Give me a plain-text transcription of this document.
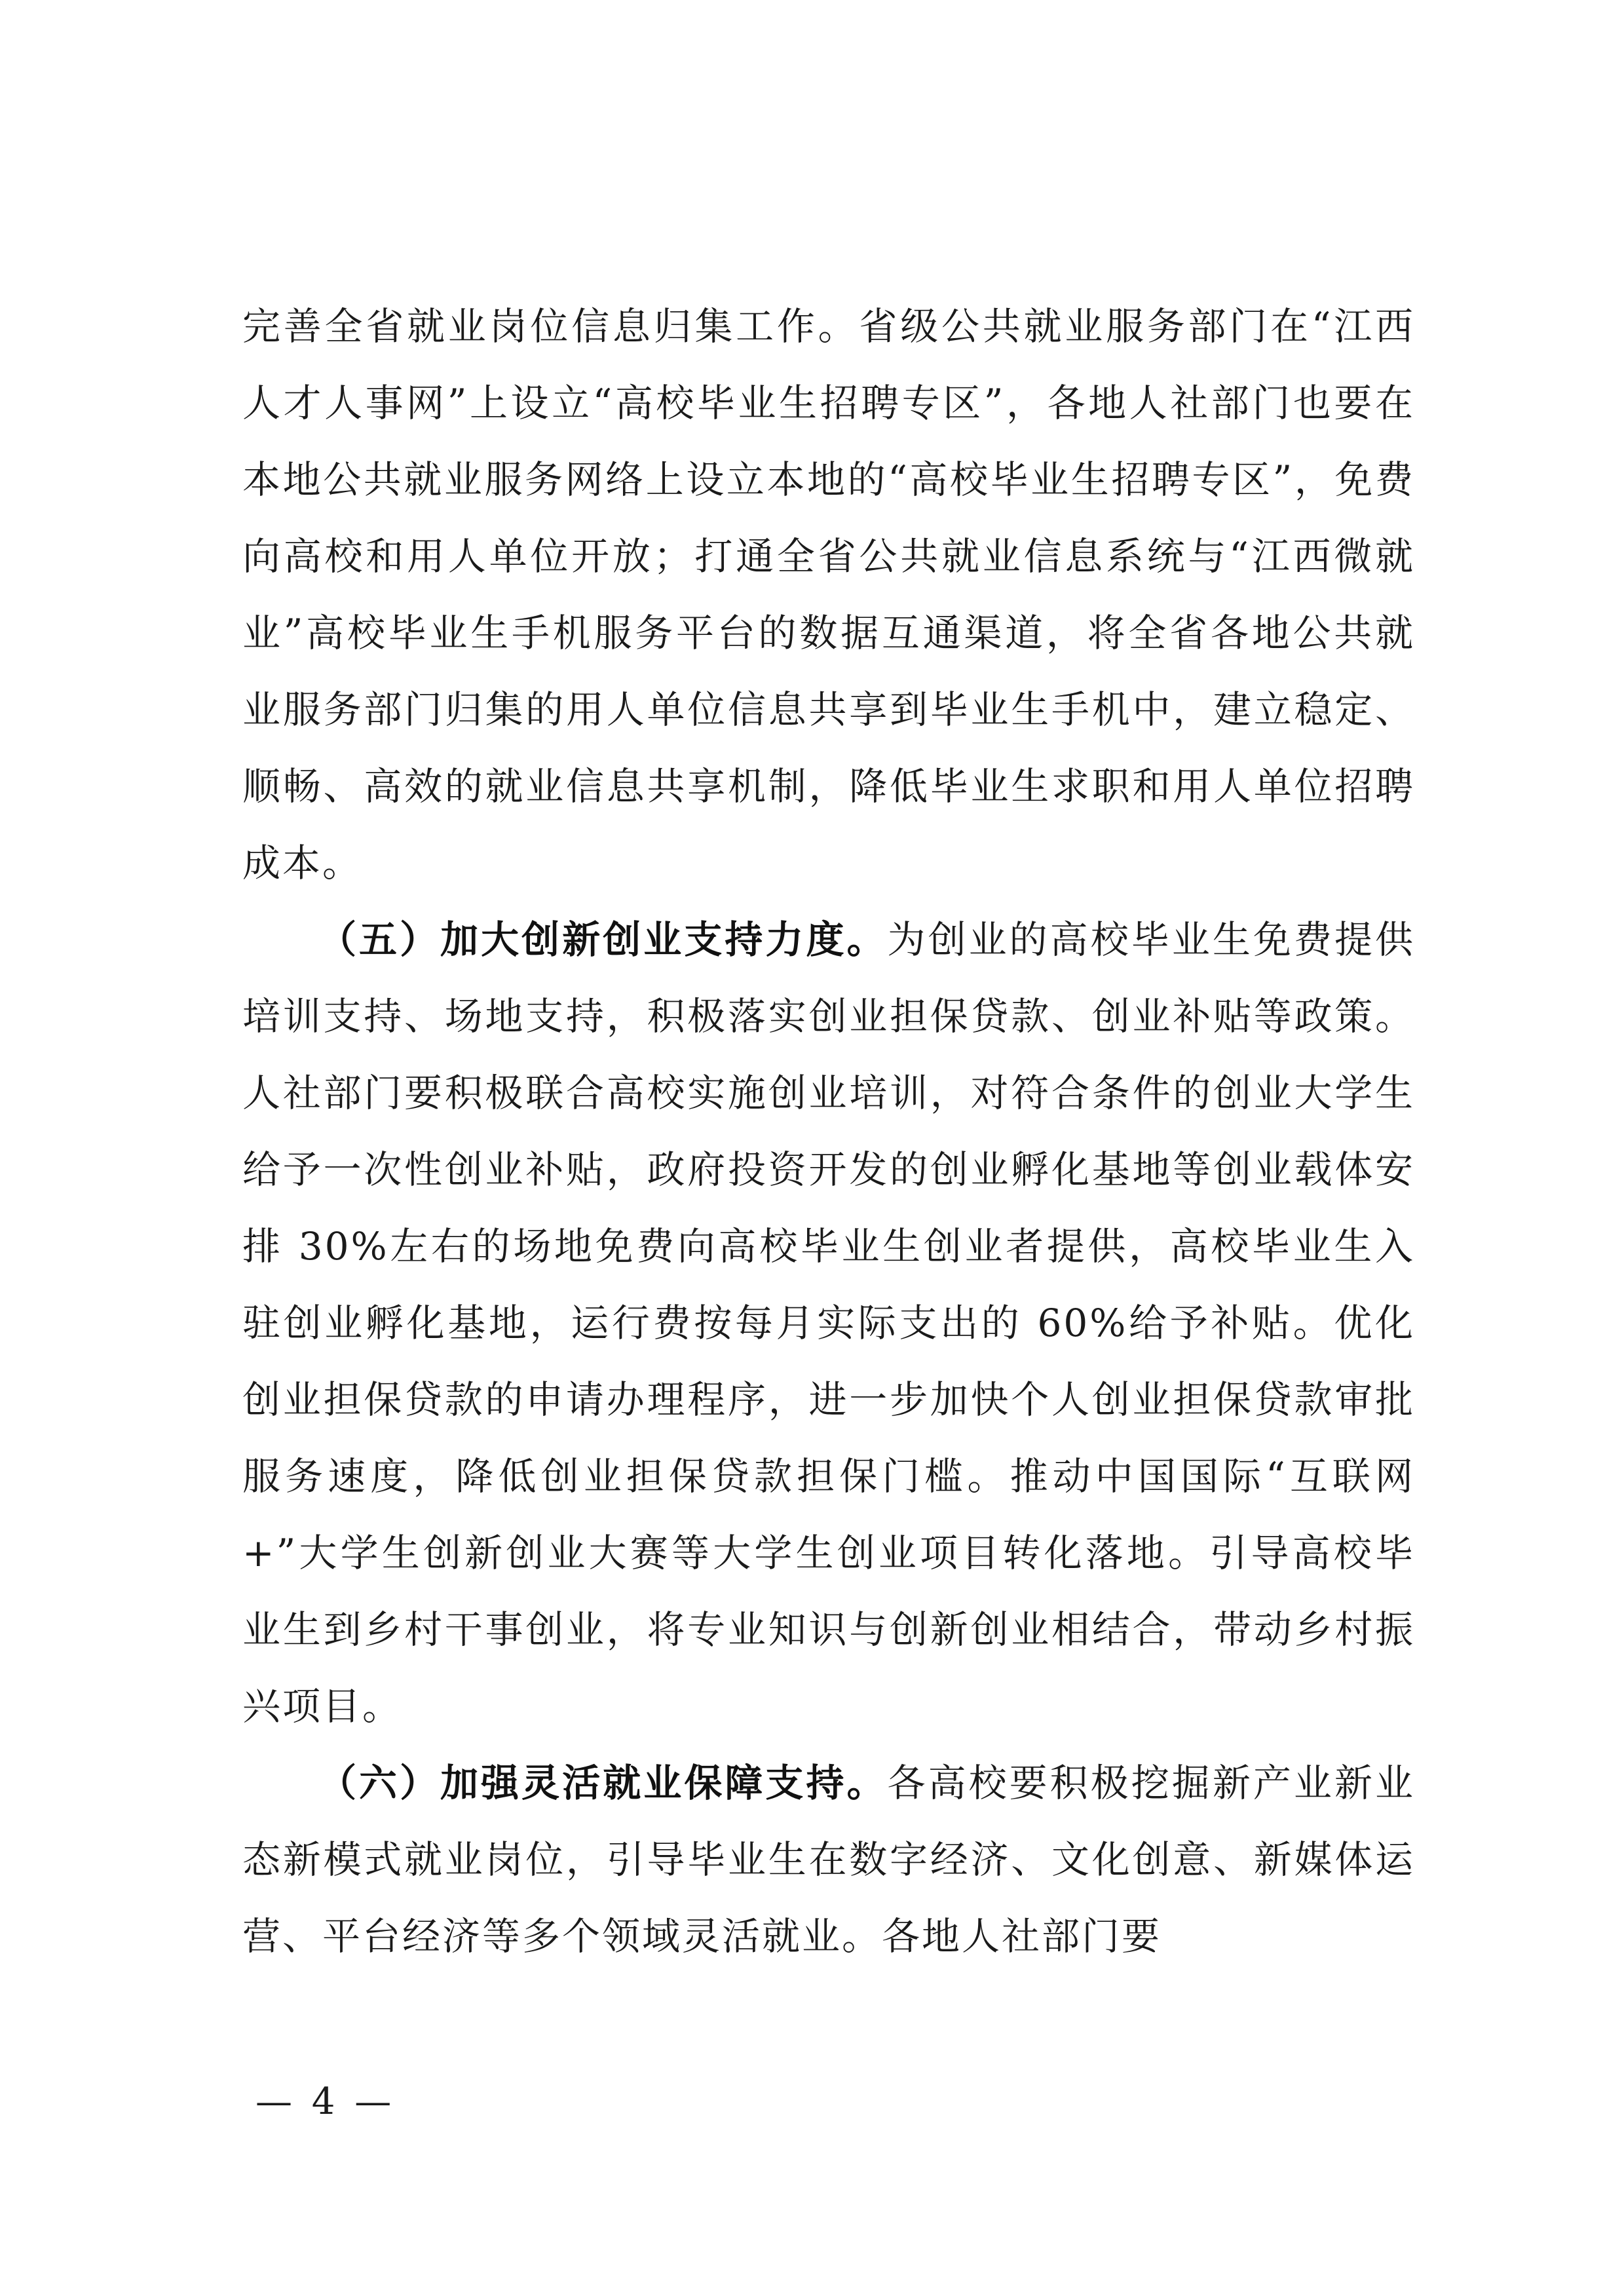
完善全省就业岗位信息归集工作。省级公共就业服务部门在“江西人才人事网”上设立“高校毕业生招聘专区”，各地人社部门也要在本地公共就业服务网络上设立本地的“高校毕业生招聘专区”，免费向高校和用人单位开放；打通全省公共就业信息系统与“江西微就业”高校毕业生手机服务平台的数据互通渠道，将全省各地公共就业服务部门归集的用人单位信息共享到毕业生手机中，建立稳定、顺畅、高效的就业信息共享机制，降低毕业生求职和用人单位招聘成本。

（五）加大创新创业支持力度。为创业的高校毕业生免费提供培训支持、场地支持，积极落实创业担保贷款、创业补贴等政策。人社部门要积极联合高校实施创业培训，对符合条件的创业大学生给予一次性创业补贴，政府投资开发的创业孵化基地等创业载体安排 30%左右的场地免费向高校毕业生创业者提供，高校毕业生入驻创业孵化基地，运行费按每月实际支出的 60%给予补贴。优化创业担保贷款的申请办理程序，进一步加快个人创业担保贷款审批服务速度，降低创业担保贷款担保门槛。推动中国国际“互联网+”大学生创新创业大赛等大学生创业项目转化落地。引导高校毕业生到乡村干事创业，将专业知识与创新创业相结合，带动乡村振兴项目。

（六）加强灵活就业保障支持。各高校要积极挖掘新产业新业态新模式就业岗位，引导毕业生在数字经济、文化创意、新媒体运营、平台经济等多个领域灵活就业。各地人社部门要

— 4 —
